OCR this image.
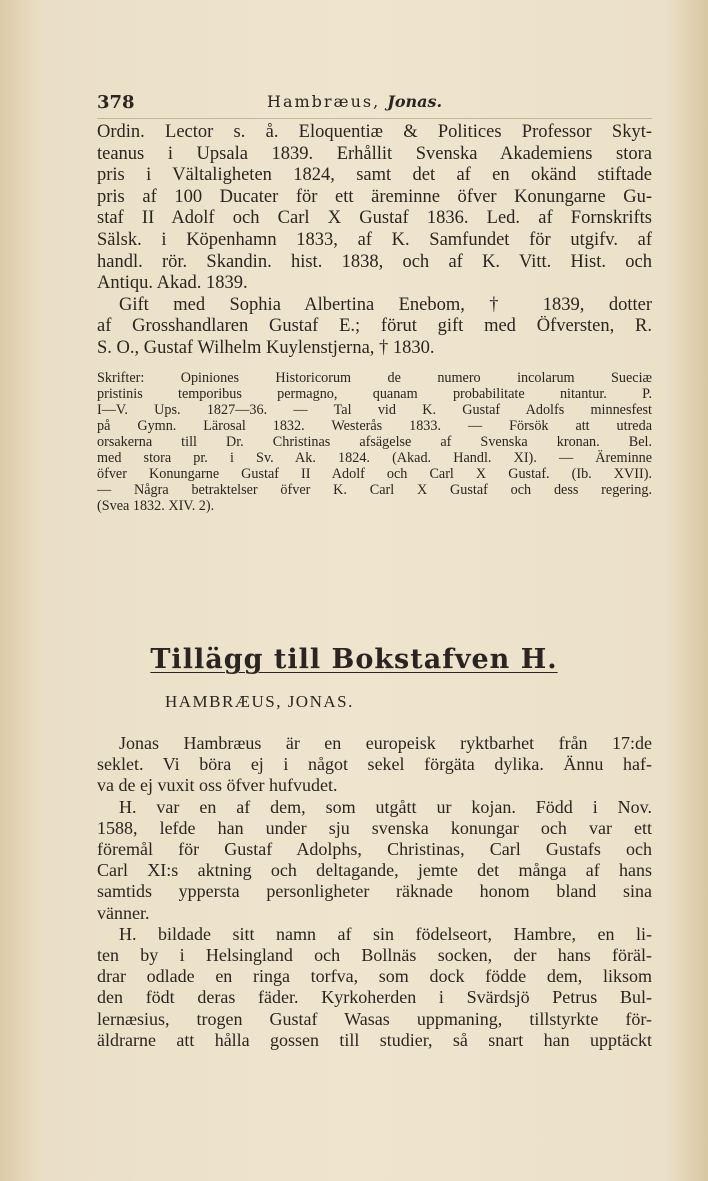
378	Hambræus, Jonas.
Ordin. Lector s. å. Eloquentiæ & Politices Professor Skyt-
teanus i Upsala 1839. Erhållit Svenska Akademiens stora
pris i Vältaligheten 1824, samt det af en okänd stiftade
pris af 100 Ducater för ett äreminne öfver Konungarne Gu-
staf II Adolf och Carl X Gustaf 1836. Led. af Fornskrifts
Sälsk. i Köpenhamn 1833, af K. Samfundet för utgifv. af
handl. rör. Skandin. hist. 1838, och af K. Vitt. Hist. och
Antiqu. Akad. 1839.
Gift med Sophia Albertina Enebom, † 1839, dotter
af Grosshandlaren Gustaf E.; förut gift med Öfversten, R.
S. O., Gustaf Wilhelm Kuylenstjerna, † 1830.
Skrifter: Opiniones Historicorum de numero incolarum Sueciæ
pristinis temporibus permagno, quanam probabilitate nitantur. P.
I—V. Ups. 1827—36. — Tal vid K. Gustaf Adolfs minnesfest
på Gymn. Lärosal 1832. Westerås 1833. — Försök att utreda
orsakerna till Dr. Christinas afsägelse af Svenska kronan. Bel.
med stora pr. i Sv. Ak. 1824. (Akad. Handl. XI). — Äreminne
öfver Konungarne Gustaf II Adolf och Carl X Gustaf. (Ib. XVII).
— Några betraktelser öfver K. Carl X Gustaf och dess regering.
(Svea 1832. XIV. 2).
Tillägg till Bokstafven H.
HAMBRÆUS, JONAS.
Jonas Hambræus är en europeisk ryktbarhet från 17:de
seklet. Vi böra ej i något sekel förgäta dylika. Ännu haf-
va de ej vuxit oss öfver hufvudet.
H. var en af dem, som utgått ur kojan. Född i Nov.
1588, lefde han under sju svenska konungar och var ett
föremål för Gustaf Adolphs, Christinas, Carl Gustafs och
Carl XI:s aktning och deltagande, jemte det många af hans
samtids yppersta personligheter räknade honom bland sina
vänner.
H. bildade sitt namn af sin födelseort, Hambre, en li-
ten by i Helsingland och Bollnäs socken, der hans föräl-
drar odlade en ringa torfva, som dock födde dem, liksom
den födt deras fäder. Kyrkoherden i Svärdsjö Petrus Bul-
lernæsius, trogen Gustaf Wasas uppmaning, tillstyrkte för-
äldrarne att hålla gossen till studier, så snart han upptäckt
